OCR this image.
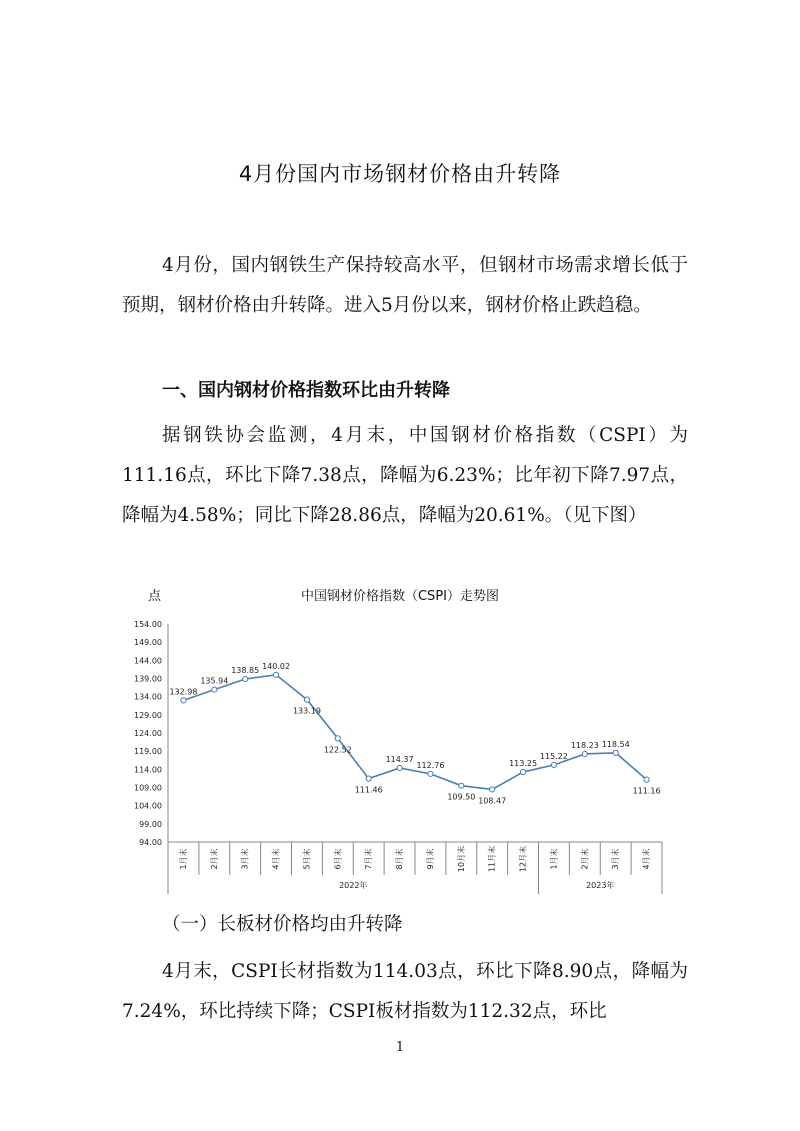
4月份国内市场钢材价格由升转降

4月份，国内钢铁生产保持较高水平，但钢材市场需求增长低于预期，钢材价格由升转降。进入5月份以来，钢材价格止跌趋稳。

一、国内钢材价格指数环比由升转降

据钢铁协会监测，4月末，中国钢材价格指数（CSPI）为111.16点，环比下降7.38点，降幅为6.23%；比年初下降7.97点，降幅为4.58%；同比下降28.86点，降幅为20.61%。（见下图）

点	中国钢材价格指数（CSPI）走势图
154.00
149.00
144.00
139.00
134.00
129.00
124.00
119.00
114.00
109.00
104.00
99.00
94.00
1月末	2月末	3月末	4月末	5月末	6月末	7月末	8月末	9月末	10月末	11月末	12月末	1月末	2月末	3月末	4月末
2022年	2023年
132.98
135.94
138.85 140.02
133.19
122.52
111.46
114.37
112.76
109.50 108.47
113.25
115.22
118.23 118.54
111.16
（一）长板材价格均由升转降

4月末，CSPI长材指数为114.03点，环比下降8.90点，降幅为7.24%，环比持续下降；CSPI板材指数为112.32点，环比

1
